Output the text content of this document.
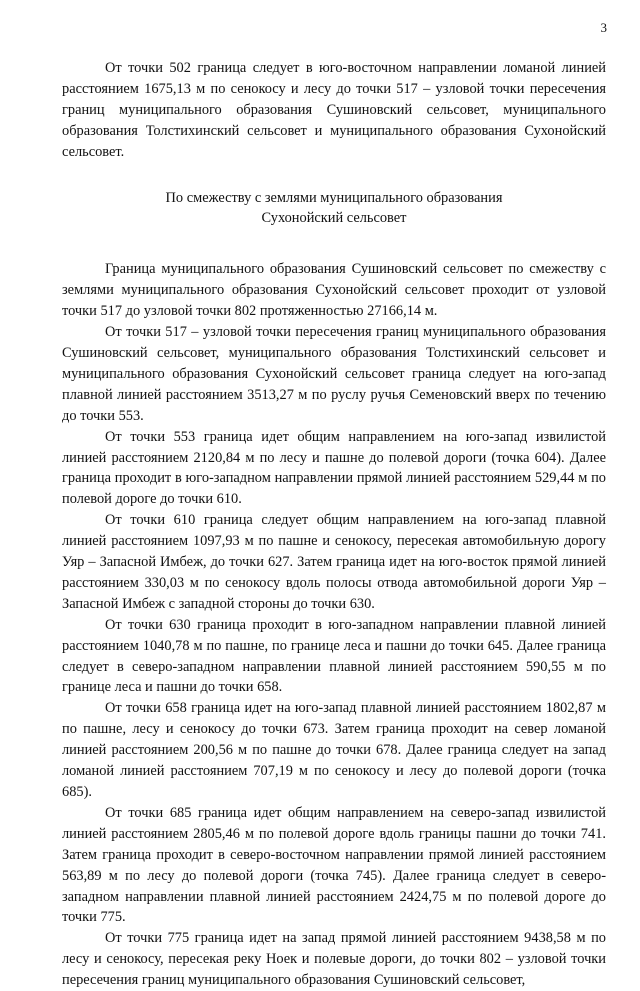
3

От точки 502 граница следует в юго-восточном направлении ломаной линией расстоянием 1675,13 м по сенокосу и лесу до точки 517 – узловой точки пересечения границ муниципального образования Сушиновский сельсовет, муниципального образования Толстихинский сельсовет и муниципального образования Сухонойский сельсовет.

По смежеству с землями муниципального образования
Сухонойский сельсовет

Граница муниципального образования Сушиновский сельсовет по смежеству с землями муниципального образования Сухонойский сельсовет проходит от узловой точки 517 до узловой точки 802 протяженностью 27166,14 м.

От точки 517 – узловой точки пересечения границ муниципального образования Сушиновский сельсовет, муниципального образования Толстихинский сельсовет и муниципального образования Сухонойский сельсовет граница следует на юго-запад плавной линией расстоянием 3513,27 м по руслу ручья Семеновский вверх по течению до точки 553.

От точки 553 граница идет общим направлением на юго-запад извилистой линией расстоянием 2120,84 м по лесу и пашне до полевой дороги (точка 604). Далее граница проходит в юго-западном направлении прямой линией расстоянием 529,44 м по полевой дороге до точки 610.

От точки 610 граница следует общим направлением на юго-запад плавной линией расстоянием 1097,93 м по пашне и сенокосу, пересекая автомобильную дорогу Уяр – Запасной Имбеж, до точки 627. Затем граница идет на юго-восток прямой линией расстоянием 330,03 м по сенокосу вдоль полосы отвода автомобильной дороги Уяр – Запасной Имбеж с западной стороны до точки 630.

От точки 630 граница проходит в юго-западном направлении плавной линией расстоянием 1040,78 м по пашне, по границе леса и пашни до точки 645. Далее граница следует в северо-западном направлении плавной линией расстоянием 590,55 м по границе леса и пашни до точки 658.

От точки 658 граница идет на юго-запад плавной линией расстоянием 1802,87 м по пашне, лесу и сенокосу до точки 673. Затем граница проходит на север ломаной линией расстоянием 200,56 м по пашне до точки 678. Далее граница следует на запад ломаной линией расстоянием 707,19 м по сенокосу и лесу до полевой дороги (точка 685).

От точки 685 граница идет общим направлением на северо-запад извилистой линией расстоянием 2805,46 м по полевой дороге вдоль границы пашни до точки 741. Затем граница проходит в северо-восточном направлении прямой линией расстоянием 563,89 м по лесу до полевой дороги (точка 745). Далее граница следует в северо-западном направлении плавной линией расстоянием 2424,75 м по полевой дороге до точки 775.

От точки 775 граница идет на запад прямой линией расстоянием 9438,58 м по лесу и сенокосу, пересекая реку Ноек и полевые дороги, до точки 802 – узловой точки пересечения границ муниципального образования Сушиновский сельсовет,
